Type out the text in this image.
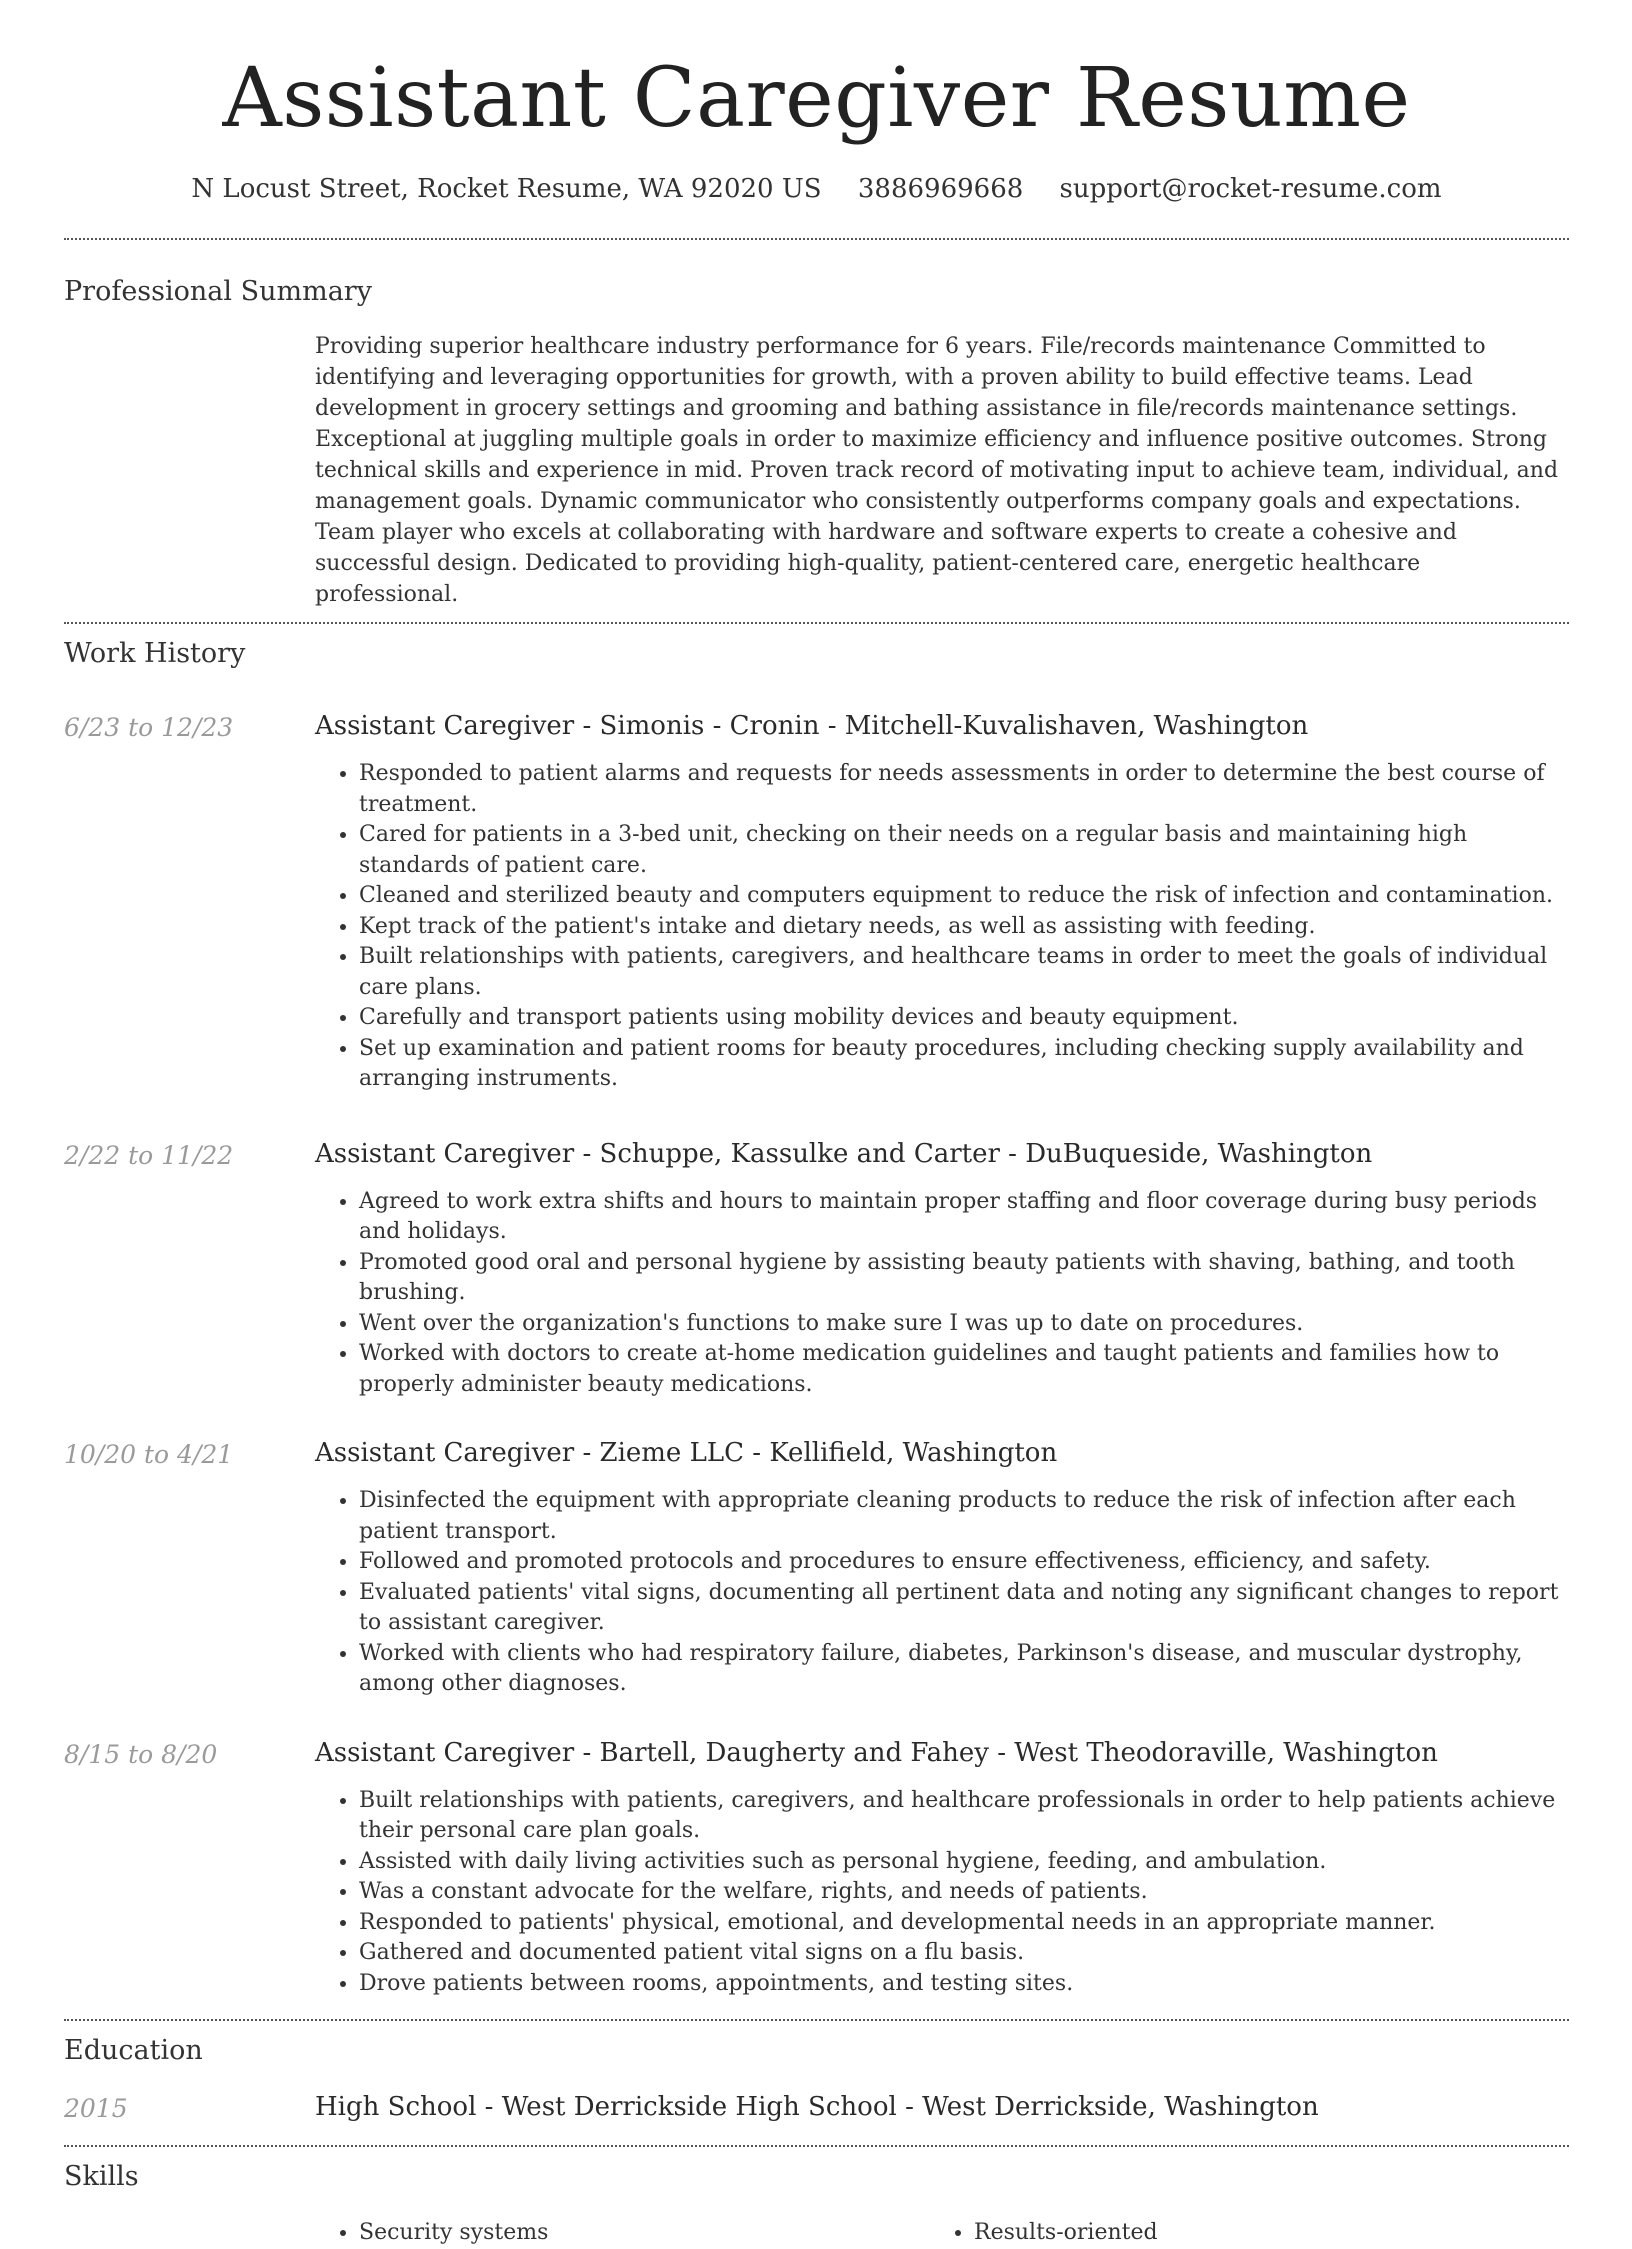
Assistant Caregiver Resume
N Locust Street, Rocket Resume, WA 92020 US 3886969668 support@rocket-resume.com
Professional Summary

Providing superior healthcare industry performance for 6 years. File/records maintenance Committed to identifying and leveraging opportunities for growth, with a proven ability to build effective teams. Lead development in grocery settings and grooming and bathing assistance in file/records maintenance settings. Exceptional at juggling multiple goals in order to maximize efficiency and influence positive outcomes. Strong technical skills and experience in mid. Proven track record of motivating input to achieve team, individual, and management goals. Dynamic communicator who consistently outperforms company goals and expectations. Team player who excels at collaborating with hardware and software experts to create a cohesive and successful design. Dedicated to providing high-quality, patient-centered care, energetic healthcare professional.

Work History
6/23 to 12/23	Assistant Caregiver - Simonis - Cronin - Mitchell-Kuvalishaven, Washington
• Responded to patient alarms and requests for needs assessments in order to determine the best course of treatment.
• Cared for patients in a 3-bed unit, checking on their needs on a regular basis and maintaining high standards of patient care.
• Cleaned and sterilized beauty and computers equipment to reduce the risk of infection and contamination.
• Kept track of the patient's intake and dietary needs, as well as assisting with feeding.
• Built relationships with patients, caregivers, and healthcare teams in order to meet the goals of individual care plans.
• Carefully and transport patients using mobility devices and beauty equipment.
• Set up examination and patient rooms for beauty procedures, including checking supply availability and arranging instruments.
2/22 to 11/22	Assistant Caregiver - Schuppe, Kassulke and Carter - DuBuqueside, Washington
• Agreed to work extra shifts and hours to maintain proper staffing and floor coverage during busy periods and holidays.
• Promoted good oral and personal hygiene by assisting beauty patients with shaving, bathing, and tooth brushing.
• Went over the organization's functions to make sure I was up to date on procedures.
• Worked with doctors to create at-home medication guidelines and taught patients and families how to properly administer beauty medications.
10/20 to 4/21	Assistant Caregiver - Zieme LLC - Kellifield, Washington
• Disinfected the equipment with appropriate cleaning products to reduce the risk of infection after each patient transport.
• Followed and promoted protocols and procedures to ensure effectiveness, efficiency, and safety.
• Evaluated patients' vital signs, documenting all pertinent data and noting any significant changes to report to assistant caregiver.
• Worked with clients who had respiratory failure, diabetes, Parkinson's disease, and muscular dystrophy, among other diagnoses.
8/15 to 8/20	Assistant Caregiver - Bartell, Daugherty and Fahey - West Theodoraville, Washington
• Built relationships with patients, caregivers, and healthcare professionals in order to help patients achieve their personal care plan goals.
• Assisted with daily living activities such as personal hygiene, feeding, and ambulation.
• Was a constant advocate for the welfare, rights, and needs of patients.
• Responded to patients' physical, emotional, and developmental needs in an appropriate manner.
• Gathered and documented patient vital signs on a flu basis.
• Drove patients between rooms, appointments, and testing sites.
Education
2015	High School - West Derrickside High School - West Derrickside, Washington
Skills
• Security systems
•	Results-oriented
